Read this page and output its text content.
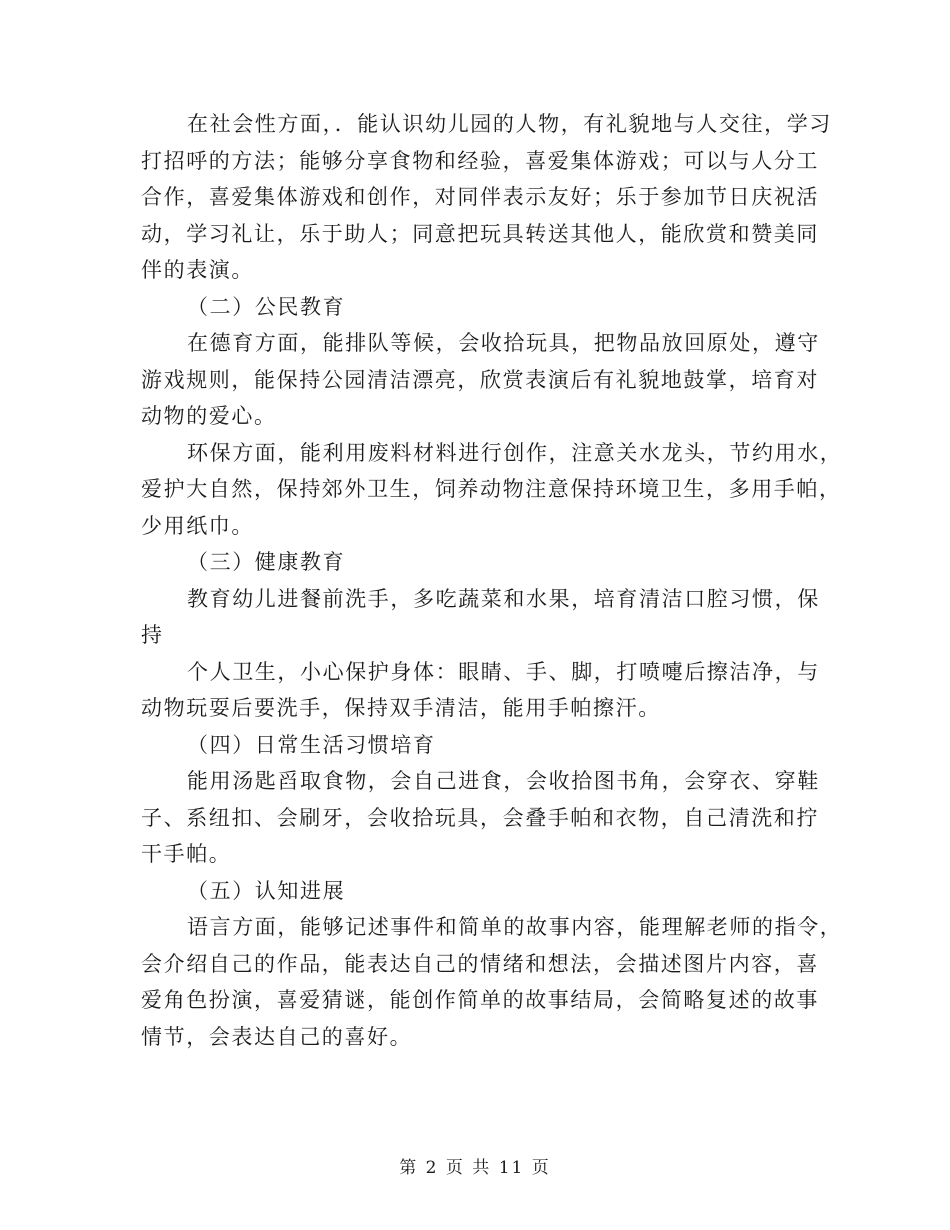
在社会性方面，．能认识幼儿园的人物，有礼貌地与人交往，学习
打招呼的方法；能够分享食物和经验，喜爱集体游戏；可以与人分工
合作，喜爱集体游戏和创作，对同伴表示友好；乐于参加节日庆祝活
动，学习礼让，乐于助人；同意把玩具转送其他人，能欣赏和赞美同
伴的表演。
（二）公民教育
在德育方面，能排队等候，会收拾玩具，把物品放回原处，遵守
游戏规则，能保持公园清洁漂亮，欣赏表演后有礼貌地鼓掌，培育对
动物的爱心。
环保方面，能利用废料材料进行创作，注意关水龙头，节约用水，
爱护大自然，保持郊外卫生，饲养动物注意保持环境卫生，多用手帕，
少用纸巾。
（三）健康教育
教育幼儿进餐前洗手，多吃蔬菜和水果，培育清洁口腔习惯，保
持
个人卫生，小心保护身体：眼睛、手、脚，打喷嚏后擦洁净，与
动物玩耍后要洗手，保持双手清洁，能用手帕擦汗。
（四）日常生活习惯培育
能用汤匙舀取食物，会自己进食，会收拾图书角，会穿衣、穿鞋
子、系纽扣、会刷牙，会收拾玩具，会叠手帕和衣物，自己清洗和拧
干手帕。
（五）认知进展
语言方面，能够记述事件和简单的故事内容，能理解老师的指令，
会介绍自己的作品，能表达自己的情绪和想法，会描述图片内容，喜
爱角色扮演，喜爱猜谜，能创作简单的故事结局，会简略复述的故事
情节，会表达自己的喜好。
第 2 页 共 11 页
